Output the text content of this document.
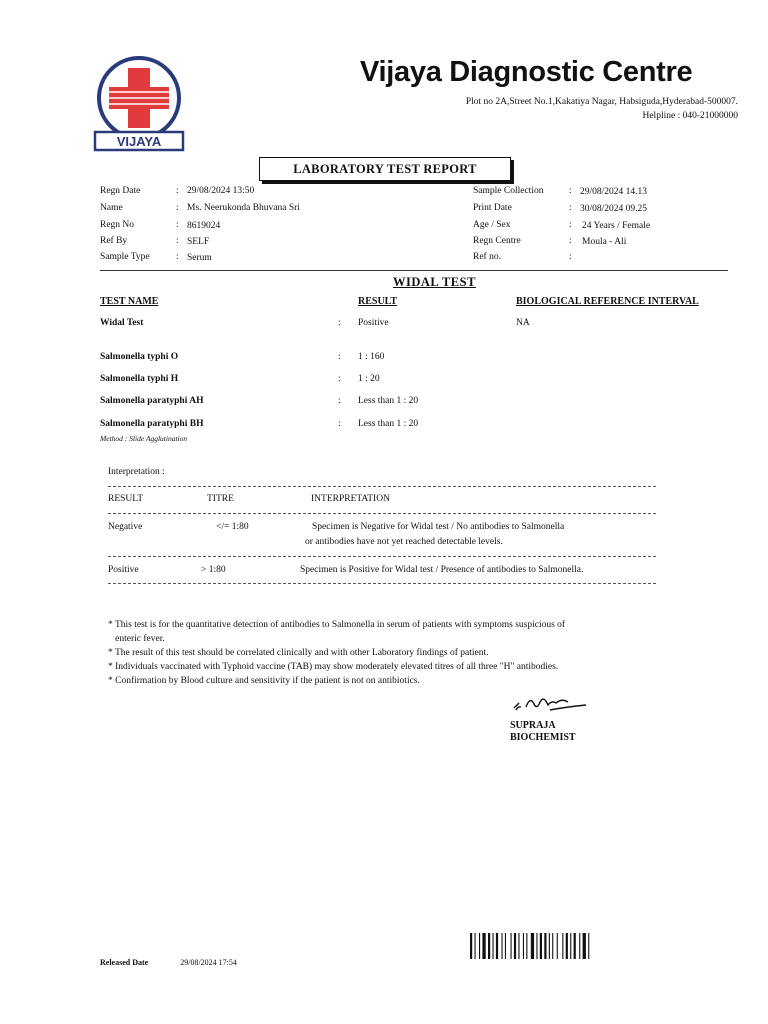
VIJAYA
Vijaya Diagnostic Centre
Plot no 2A,Street No.1,Kakatiya Nagar, Habsiguda,Hyderabad-500007.
Helpline : 040-21000000
LABORATORY TEST REPORT
Regn Date	: 29/08/2024 13:50
Name	: Ms. Neerukonda Bhuvana Sri
Regn No	: 8619024
Ref By	: SELF
Sample Type	: Serum
Sample Collection	: 29/08/2024 14.13
Print Date	: 30/08/2024 09.25
Age / Sex	: 24 Years / Female
Regn Centre	: Moula - Ali
Ref no.	:
WIDAL TEST
TEST NAME	RESULT	BIOLOGICAL REFERENCE INTERVAL
Widal Test	: Positive	NA
Salmonella typhi O	: 1 : 160
Salmonella typhi H	: 1 : 20
Salmonella paratyphi AH	: Less than 1 : 20
Salmonella paratyphi BH	: Less than 1 : 20
Method : Slide Agglutination
Interpretation :
RESULT	TITRE	INTERPRETATION
Negative	</= 1:80	Specimen is Negative for Widal test / No antibodies to Salmonella
or antibodies have not yet reached detectable levels.
Positive	> 1:80	Specimen is Positive for Widal test / Presence of antibodies to Salmonella.
* This test is for the quantitative detection of antibodies to Salmonella in serum of patients with symptoms suspicious of
enteric fever.
* The result of this test should be correlated clinically and with other Laboratory findings of patient.
* Individuals vaccinated with Typhoid vaccine (TAB) may show moderately elevated titres of all three "H" antibodies.
* Confirmation by Blood culture and sensitivity if the patient is not on antibiotics.
SUPRAJA
BIOCHEMIST
Released Date	29/08/2024 17:54
